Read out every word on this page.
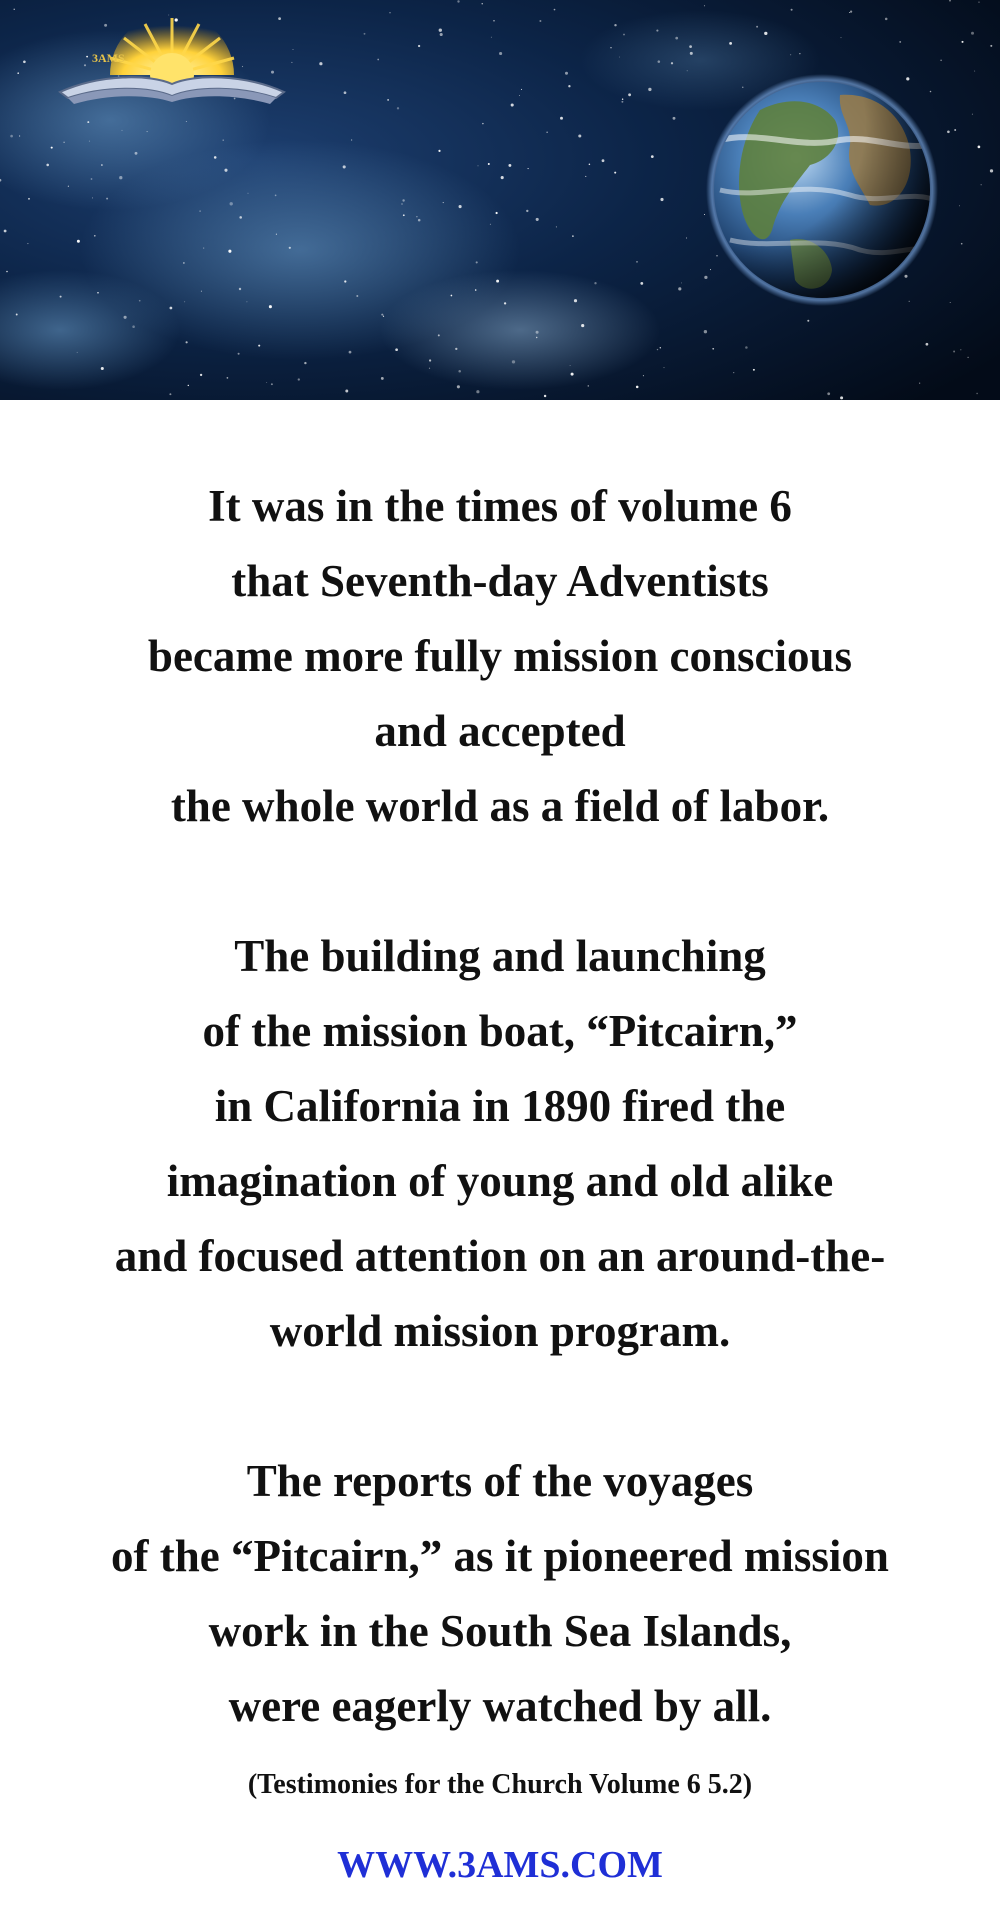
3AMS
It was in the times of volume 6
that Seventh-day Adventists
became more fully mission conscious
and accepted
the whole world as a field of labor.
The building and launching
of the mission boat, “Pitcairn,”
in California in 1890 fired the
imagination of young and old alike
and focused attention on an around-the-
world mission program.
The reports of the voyages
of the “Pitcairn,” as it pioneered mission
work in the South Sea Islands,
were eagerly watched by all.
(Testimonies for the Church Volume 6 5.2)
WWW.3AMS.COM
